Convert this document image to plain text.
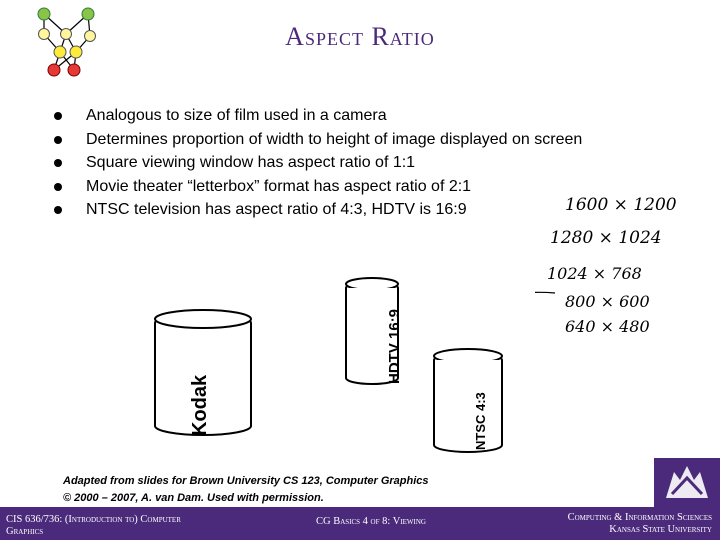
Aspect Ratio
Analogous to size of film used in a camera
Determines proportion of width to height of image displayed on screen
Square viewing window has aspect ratio of 1:1
Movie theater “letterbox” format has aspect ratio of 2:1
NTSC television has aspect ratio of 4:3, HDTV is 16:9
Kodak
HDTV 16:9
NTSC 4:3
1600 × 1200
1280 × 1024
1024 × 768
800 × 600
640 × 480
Adapted from slides for Brown University CS 123, Computer Graphics
© 2000 – 2007, A. van Dam. Used with permission.
CIS 636/736: (Introduction to) Computer
Graphics
CG Basics 4 of 8: Viewing	Computing & Information Sciences
Kansas State University
